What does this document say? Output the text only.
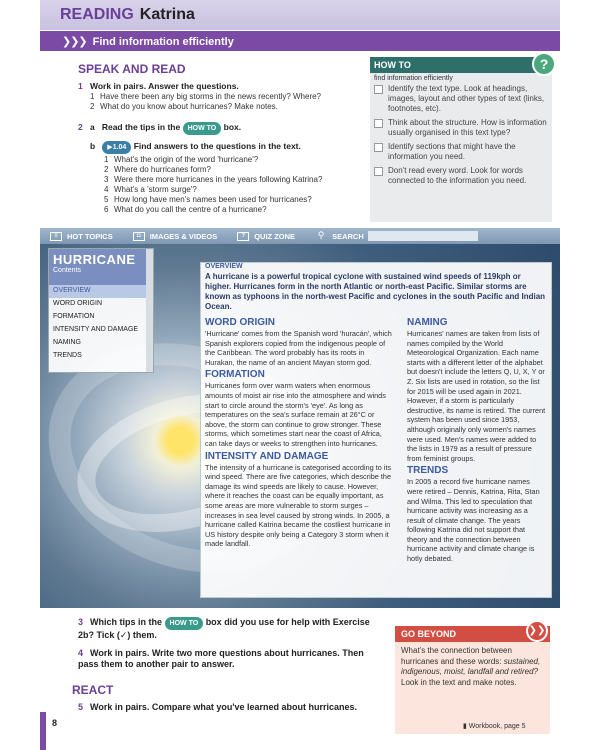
READING Katrina
❯❯❯ Find information efficiently
SPEAK AND READ
1 Work in pairs. Answer the questions.
1 Have there been any big storms in the news recently? Where?
2 What do you know about hurricanes? Make notes.
2 a Read the tips in the HOW TO box.
b ▶1.04 Find answers to the questions in the text.
1 What's the origin of the word 'hurricane'?
2 Where do hurricanes form?
3 Were there more hurricanes in the years following Katrina?
4 What's a 'storm surge'?
5 How long have men's names been used for hurricanes?
6 What do you call the centre of a hurricane?
HOW TO	?
find information efficiently
Identify the text type. Look at headings, images, layout and other types of text (links, footnotes, etc).
Think about the structure. How is information usually organised in this text type?
Identify sections that might have the information you need.
Don't read every word. Look for words connected to the information you need.
≡	HOT TOPICS	◘	IMAGES & VIDEOS	?	QUIZ ZONE	⚲	SEARCH
HURRICANE
Contents
OVERVIEW
WORD ORIGIN
FORMATION
INTENSITY AND DAMAGE
NAMING
TRENDS
OVERVIEW
A hurricane is a powerful tropical cyclone with sustained wind speeds of 119kph or higher. Hurricanes form in the north Atlantic or north-east Pacific. Similar storms are known as typhoons in the north-west Pacific and cyclones in the south Pacific and Indian Ocean.
WORD ORIGIN

'Hurricane' comes from the Spanish word 'huracán', which Spanish explorers copied from the indigenous people of the Caribbean. The word probably has its roots in Hurakan, the name of an ancient Mayan storm god.

FORMATION

Hurricanes form over warm waters when enormous amounts of moist air rise into the atmosphere and winds start to circle around the storm's 'eye'. As long as temperatures on the sea's surface remain at 26°C or above, the storm can continue to grow stronger. These storms, which sometimes start near the coast of Africa, can take days or weeks to strengthen into hurricanes.

INTENSITY AND DAMAGE

The intensity of a hurricane is categorised according to its wind speed. There are five categories, which describe the damage its wind speeds are likely to cause. However, where it reaches the coast can be equally important, as some areas are more vulnerable to storm surges – increases in sea level caused by strong winds. In 2005, a hurricane called Katrina became the costliest hurricane in US history despite only being a Category 3 storm when it made landfall.

NAMING

Hurricanes' names are taken from lists of names compiled by the World Meteorological Organization. Each name starts with a different letter of the alphabet but doesn't include the letters Q, U, X, Y or Z. Six lists are used in rotation, so the list for 2015 will be used again in 2021. However, if a storm is particularly destructive, its name is retired. The current system has been used since 1953, although originally only women's names were used. Men's names were added to the lists in 1979 as a result of pressure from feminist groups.

TRENDS

In 2005 a record five hurricane names were retired – Dennis, Katrina, Rita, Stan and Wilma. This led to speculation that hurricane activity was increasing as a result of climate change. The years following Katrina did not support that theory and the connection between hurricane activity and climate change is hotly debated.

3 Which tips in the HOW TO box did you use for help with Exercise 2b? Tick (✓) them.
4 Work in pairs. Write two more questions about hurricanes. Then pass them to another pair to answer.
REACT
5 Work in pairs. Compare what you've learned about hurricanes.
GO BEYOND	❯❯
What's the connection between hurricanes and these words: sustained, indigenous, moist, landfall and retired? Look in the text and make notes.
▮ Workbook, page 5
8
